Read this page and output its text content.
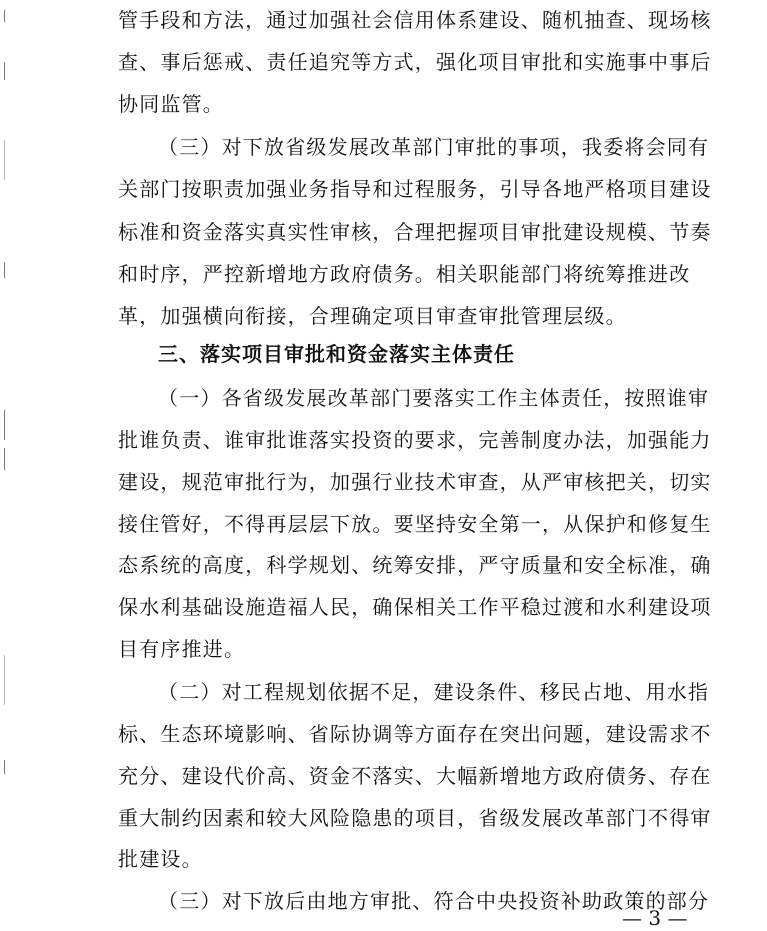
管手段和方法，通过加强社会信用体系建设、随机抽查、现场核
查、事后惩戒、责任追究等方式，强化项目审批和实施事中事后
协同监管。
（三）对下放省级发展改革部门审批的事项，我委将会同有
关部门按职责加强业务指导和过程服务，引导各地严格项目建设
标准和资金落实真实性审核，合理把握项目审批建设规模、节奏
和时序，严控新增地方政府债务。相关职能部门将统筹推进改
革，加强横向衔接，合理确定项目审查审批管理层级。
三、落实项目审批和资金落实主体责任
（一）各省级发展改革部门要落实工作主体责任，按照谁审
批谁负责、谁审批谁落实投资的要求，完善制度办法，加强能力
建设，规范审批行为，加强行业技术审查，从严审核把关，切实
接住管好，不得再层层下放。要坚持安全第一，从保护和修复生
态系统的高度，科学规划、统筹安排，严守质量和安全标准，确
保水利基础设施造福人民，确保相关工作平稳过渡和水利建设项
目有序推进。
（二）对工程规划依据不足，建设条件、移民占地、用水指
标、生态环境影响、省际协调等方面存在突出问题，建设需求不
充分、建设代价高、资金不落实、大幅新增地方政府债务、存在
重大制约因素和较大风险隐患的项目，省级发展改革部门不得审
批建设。
（三）对下放后由地方审批、符合中央投资补助政策的部分
— 3 —
